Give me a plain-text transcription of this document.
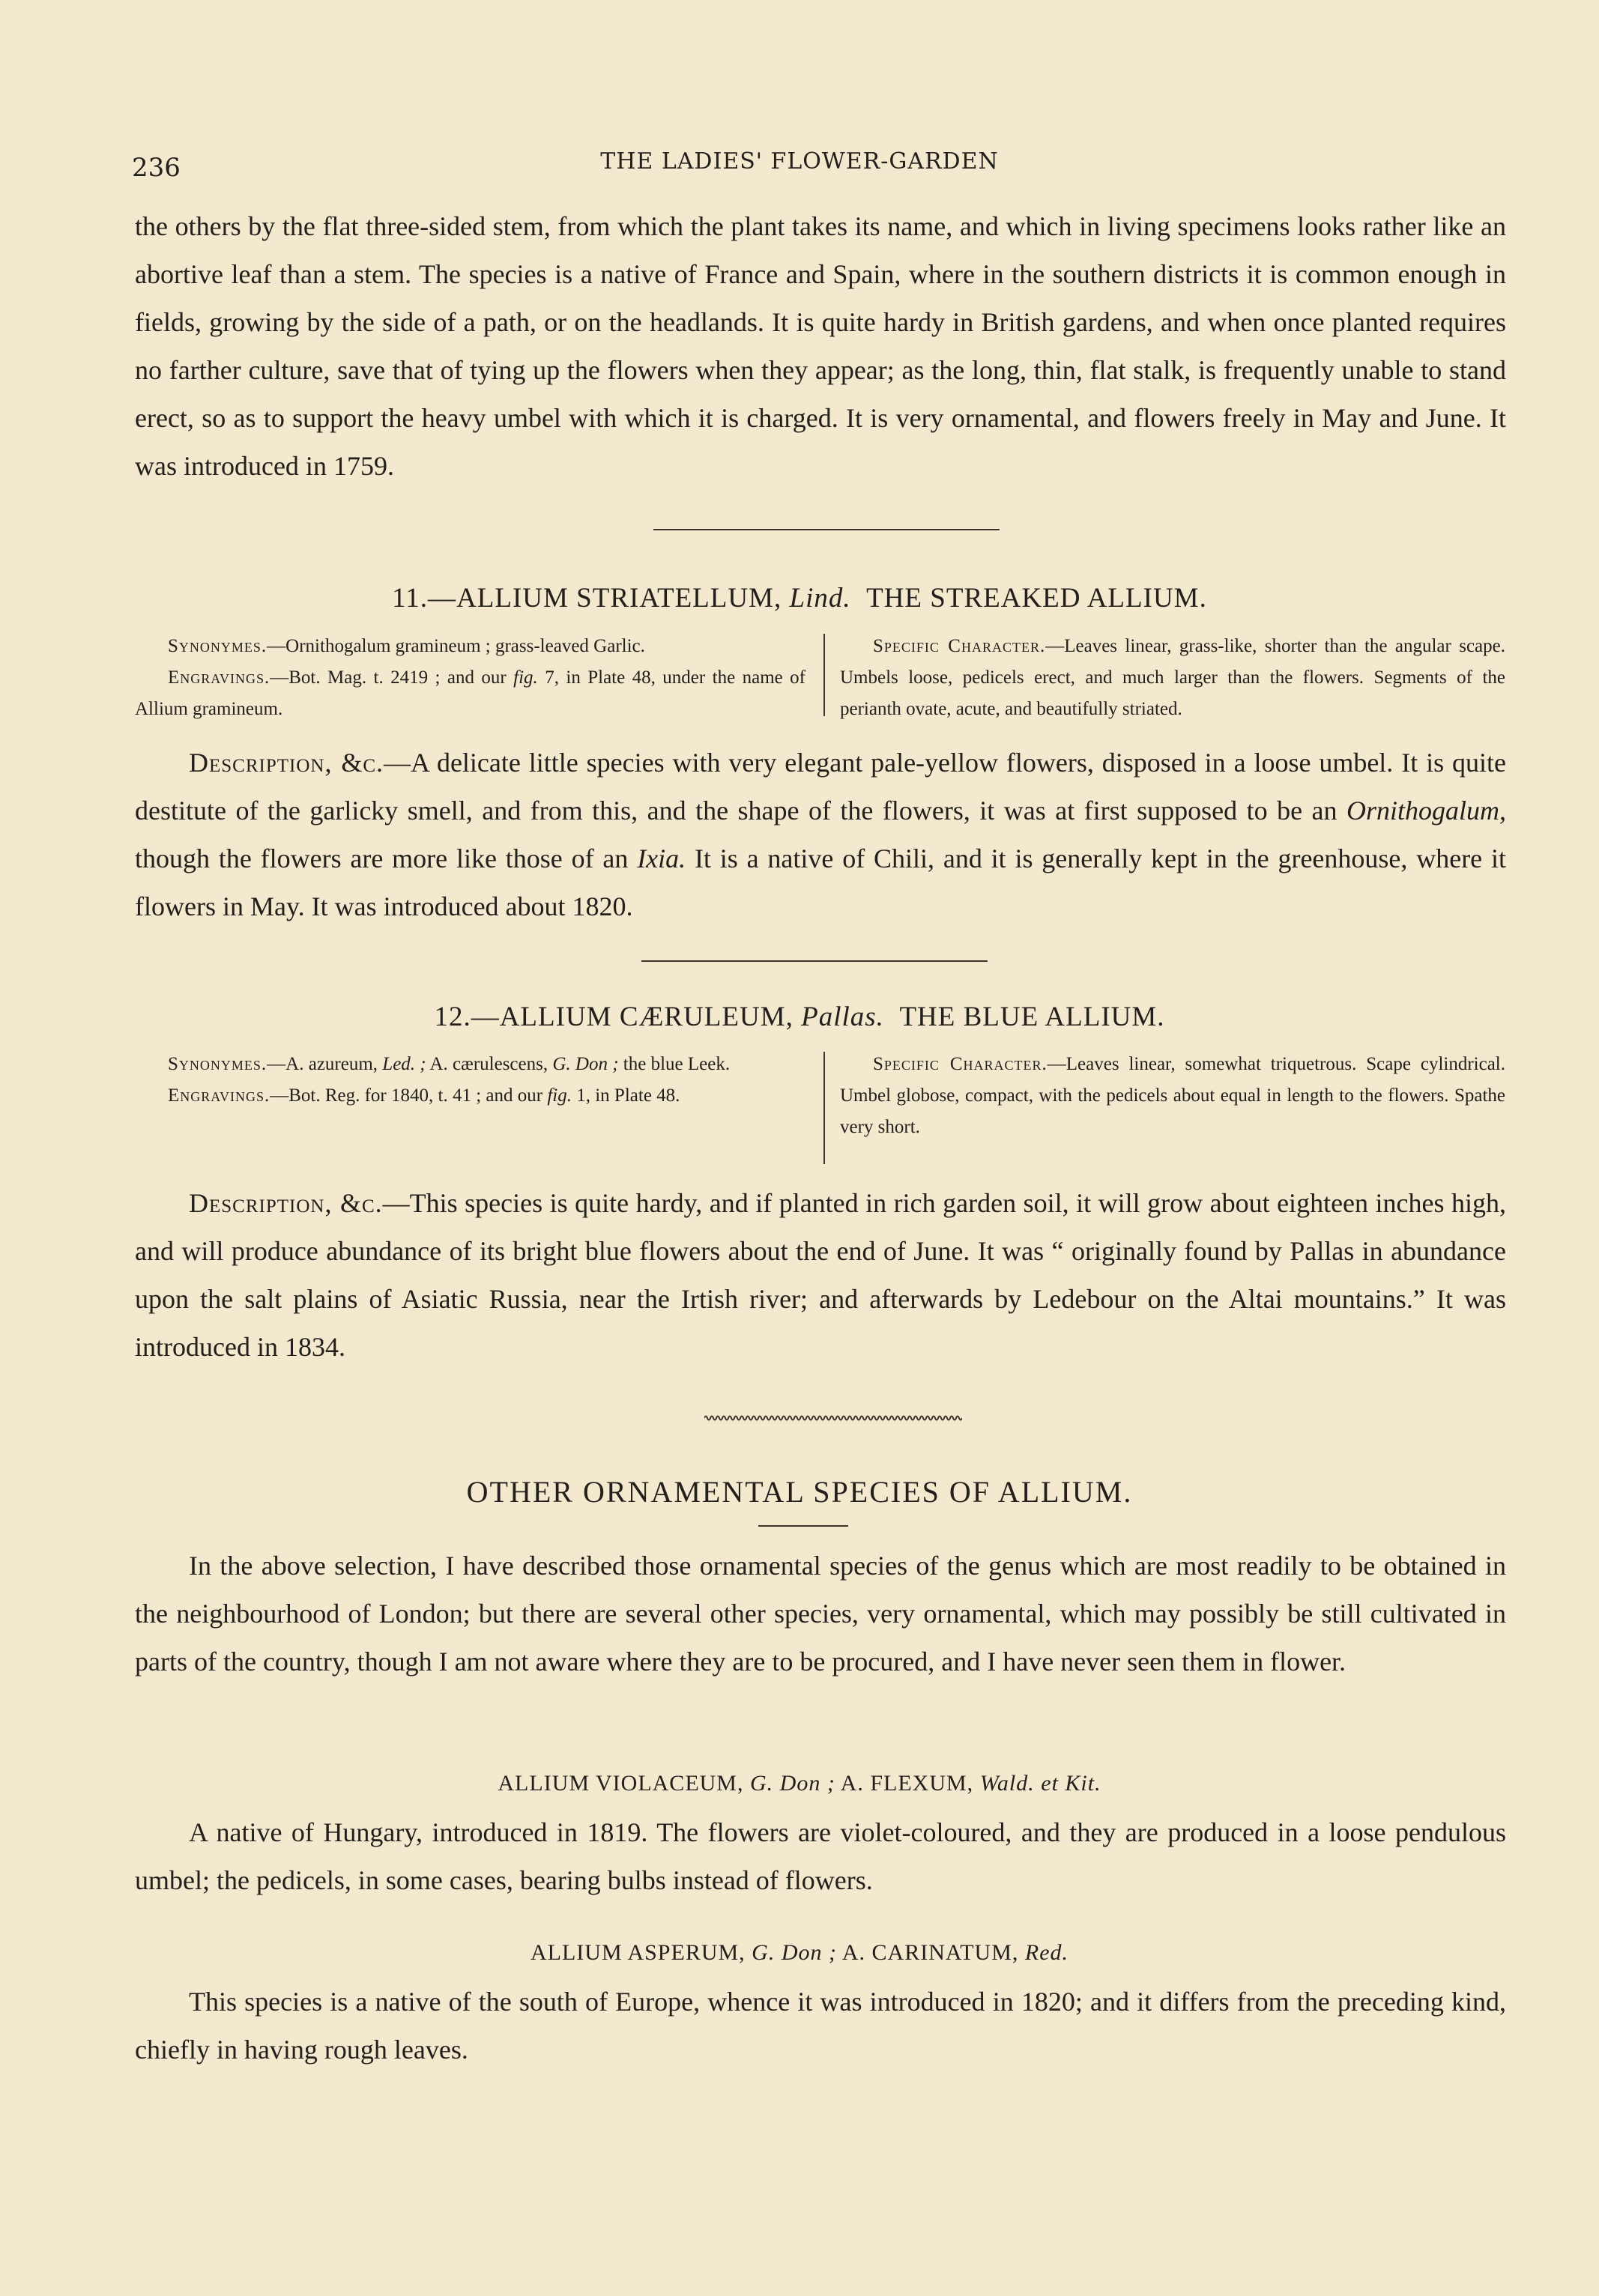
236	THE LADIES' FLOWER-GARDEN
the others by the flat three-sided stem, from which the plant takes its name, and which in living specimens looks rather like an abortive leaf than a stem. The species is a native of France and Spain, where in the southern districts it is common enough in fields, growing by the side of a path, or on the headlands. It is quite hardy in British gardens, and when once planted requires no farther culture, save that of tying up the flowers when they appear; as the long, thin, flat stalk, is frequently unable to stand erect, so as to support the heavy umbel with which it is charged. It is very ornamental, and flowers freely in May and June. It was introduced in 1759.
11.—ALLIUM STRIATELLUM, Lind. THE STREAKED ALLIUM.

Synonymes.—Ornithogalum gramineum ; grass-leaved Garlic.

Engravings.—Bot. Mag. t. 2419 ; and our fig. 7, in Plate 48, under the name of Allium gramineum.

Specific Character.—Leaves linear, grass-like, shorter than the angular scape. Umbels loose, pedicels erect, and much larger than the flowers. Segments of the perianth ovate, acute, and beautifully striated.

Description, &c.—A delicate little species with very elegant pale-yellow flowers, disposed in a loose umbel. It is quite destitute of the garlicky smell, and from this, and the shape of the flowers, it was at first supposed to be an Ornithogalum, though the flowers are more like those of an Ixia. It is a native of Chili, and it is generally kept in the greenhouse, where it flowers in May. It was introduced about 1820.
12.—ALLIUM CÆRULEUM, Pallas. THE BLUE ALLIUM.

Synonymes.—A. azureum, Led. ; A. cærulescens, G. Don ; the blue Leek.

Engravings.—Bot. Reg. for 1840, t. 41 ; and our fig. 1, in Plate 48.

Specific Character.—Leaves linear, somewhat triquetrous. Scape cylindrical. Umbel globose, compact, with the pedicels about equal in length to the flowers. Spathe very short.

Description, &c.—This species is quite hardy, and if planted in rich garden soil, it will grow about eighteen inches high, and will produce abundance of its bright blue flowers about the end of June. It was “ originally found by Pallas in abundance upon the salt plains of Asiatic Russia, near the Irtish river; and afterwards by Ledebour on the Altai mountains.” It was introduced in 1834.
OTHER ORNAMENTAL SPECIES OF ALLIUM.
In the above selection, I have described those ornamental species of the genus which are most readily to be obtained in the neighbourhood of London; but there are several other species, very ornamental, which may possibly be still cultivated in parts of the country, though I am not aware where they are to be procured, and I have never seen them in flower.
ALLIUM VIOLACEUM, G. Don ; A. FLEXUM, Wald. et Kit.
A native of Hungary, introduced in 1819. The flowers are violet-coloured, and they are produced in a loose pendulous umbel; the pedicels, in some cases, bearing bulbs instead of flowers.
ALLIUM ASPERUM, G. Don ; A. CARINATUM, Red.
This species is a native of the south of Europe, whence it was introduced in 1820; and it differs from the preceding kind, chiefly in having rough leaves.
